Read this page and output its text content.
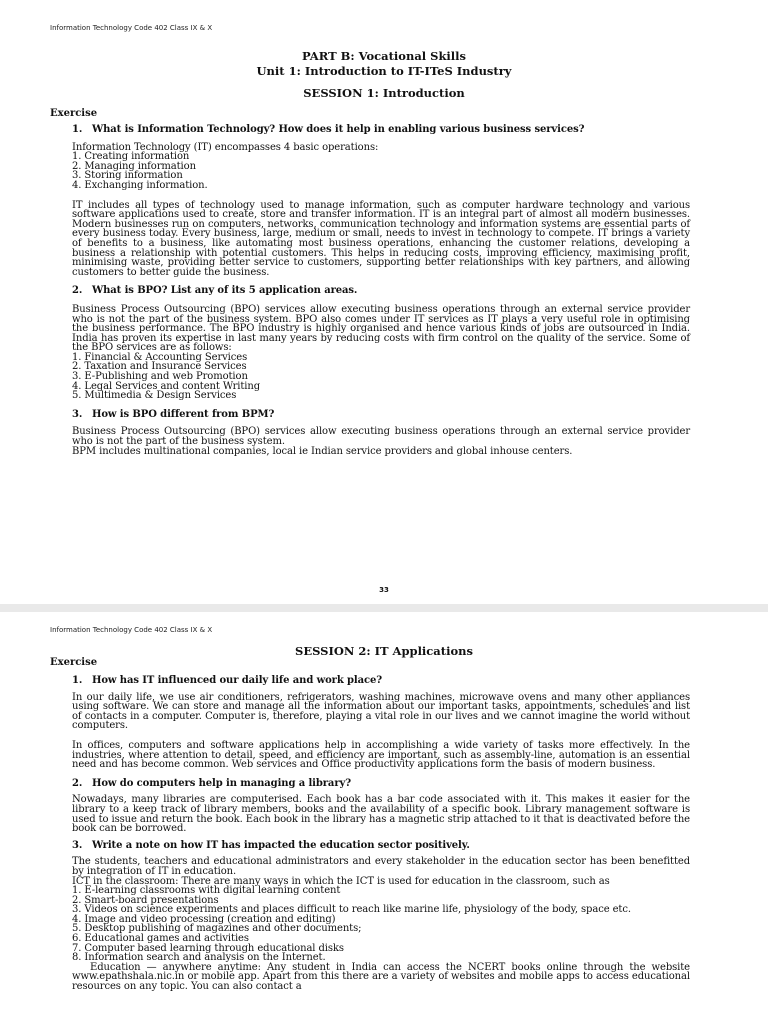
Information Technology Code 402 Class IX & X
PART B: Vocational Skills
Unit 1: Introduction to IT-ITeS Industry
SESSION 1: Introduction
Exercise
1. What is Information Technology? How does it help in enabling various business services?

Information Technology (IT) encompasses 4 basic operations:

1. Creating information
2. Managing information
3. Storing information
4. Exchanging information.

IT includes all types of technology used to manage information, such as computer hardware technology and various software applications used to create, store and transfer information. IT is an integral part of almost all modern businesses. Modern businesses run on computers, networks, communication technology and information systems are essential parts of every business today. Every business, large, medium or small, needs to invest in technology to compete. IT brings a variety of benefits to a business, like automating most business operations, enhancing the customer relations, developing a business a relationship with potential customers. This helps in reducing costs, improving efficiency, maximising profit, minimising waste, providing better service to customers, supporting better relationships with key partners, and allowing customers to better guide the business.

2. What is BPO? List any of its 5 application areas.

Business Process Outsourcing (BPO) services allow executing business operations through an external service provider who is not the part of the business system. BPO also comes under IT services as IT plays a very useful role in optimising the business performance. The BPO industry is highly organised and hence various kinds of jobs are outsourced in India. India has proven its expertise in last many years by reducing costs with firm control on the quality of the service. Some of the BPO services are as follows:

1. Financial & Accounting Services
2. Taxation and Insurance Services
3. E-Publishing and web Promotion
4. Legal Services and content Writing
5. Multimedia & Design Services
3. How is BPO different from BPM?

Business Process Outsourcing (BPO) services allow executing business operations through an external service provider who is not the part of the business system.

BPM includes multinational companies, local ie Indian service providers and global inhouse centers.

33
Information Technology Code 402 Class IX & X
SESSION 2: IT Applications
Exercise
1. How has IT influenced our daily life and work place?

In our daily life, we use air conditioners, refrigerators, washing machines, microwave ovens and many other appliances using software. We can store and manage all the information about our important tasks, appointments, schedules and list of contacts in a computer. Computer is, therefore, playing a vital role in our lives and we cannot imagine the world without computers.

In offices, computers and software applications help in accomplishing a wide variety of tasks more effectively. In the industries, where attention to detail, speed, and efficiency are important, such as assembly-line, automation is an essential need and has become common. Web services and Office productivity applications form the basis of modern business.

2. How do computers help in managing a library?

Nowadays, many libraries are computerised. Each book has a bar code associated with it. This makes it easier for the library to a keep track of library members, books and the availability of a specific book. Library management software is used to issue and return the book. Each book in the library has a magnetic strip attached to it that is deactivated before the book can be borrowed.

3. Write a note on how IT has impacted the education sector positively.

The students, teachers and educational administrators and every stakeholder in the education sector has been benefitted by integration of IT in education.

ICT in the classroom: There are many ways in which the ICT is used for education in the classroom, such as

1. E-learning classrooms with digital learning content
2. Smart-board presentations
3. Videos on science experiments and places difficult to reach like marine life, physiology of the body, space etc.
4. Image and video processing (creation and editing)
5. Desktop publishing of magazines and other documents;
6. Educational games and activities
7. Computer based learning through educational disks
8. Information search and analysis on the Internet.

Education — anywhere anytime: Any student in India can access the NCERT books online through the website www.epathshala.nic.in or mobile app. Apart from this there are a variety of websites and mobile apps to access educational resources on any topic. You can also contact a
